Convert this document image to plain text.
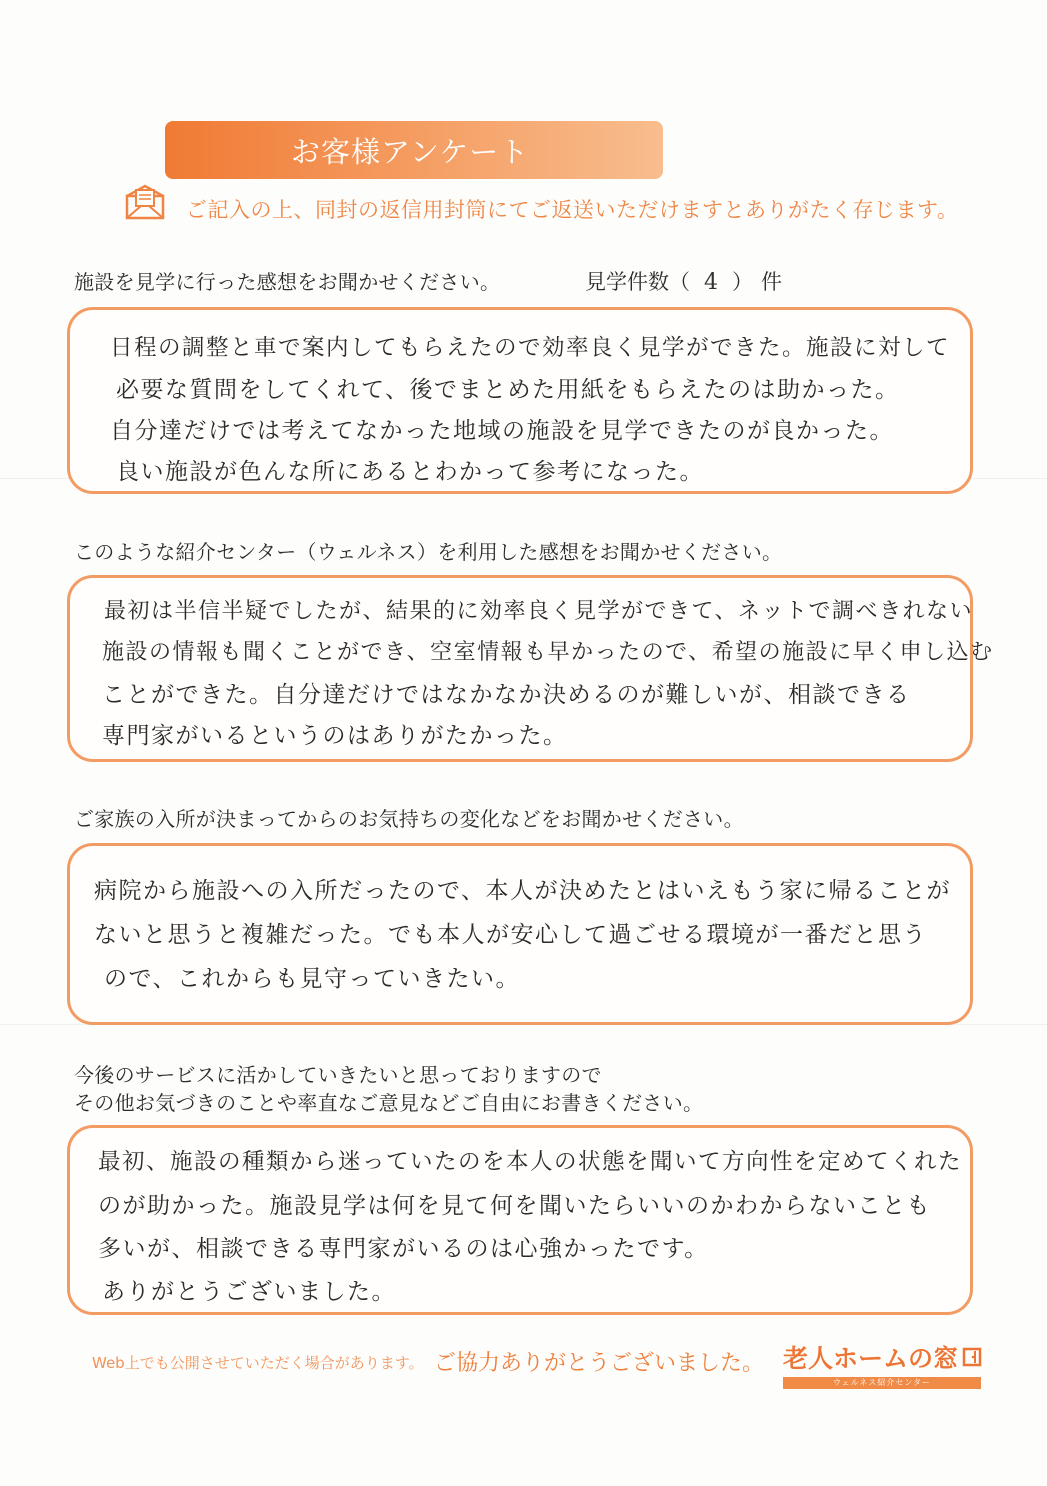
お客様アンケート
ご記入の上、同封の返信用封筒にてご返送いただけますとありがたく存じます。
施設を見学に行った感想をお聞かせください。	見学件数（ 4 ） 件
日程の調整と車で案内してもらえたので効率良く見学ができた。施設に対して
必要な質問をしてくれて、後でまとめた用紙をもらえたのは助かった。
自分達だけでは考えてなかった地域の施設を見学できたのが良かった。
良い施設が色んな所にあるとわかって参考になった。
このような紹介センター（ウェルネス）を利用した感想をお聞かせください。
最初は半信半疑でしたが、結果的に効率良く見学ができて、ネットで調べきれない
施設の情報も聞くことができ、空室情報も早かったので、希望の施設に早く申し込む
ことができた。自分達だけではなかなか決めるのが難しいが、相談できる
専門家がいるというのはありがたかった。
ご家族の入所が決まってからのお気持ちの変化などをお聞かせください。
病院から施設への入所だったので、本人が決めたとはいえもう家に帰ることが
ないと思うと複雑だった。でも本人が安心して過ごせる環境が一番だと思う
ので、これからも見守っていきたい。
今後のサービスに活かしていきたいと思っておりますので
その他お気づきのことや率直なご意見などご自由にお書きください。
最初、施設の種類から迷っていたのを本人の状態を聞いて方向性を定めてくれた
のが助かった。施設見学は何を見て何を聞いたらいいのかわからないことも
多いが、相談できる専門家がいるのは心強かったです。
ありがとうございました。
Web上でも公開させていただく場合があります。 ご協力ありがとうございました。 老人ホームの窓
ウェルネス紹介センター
